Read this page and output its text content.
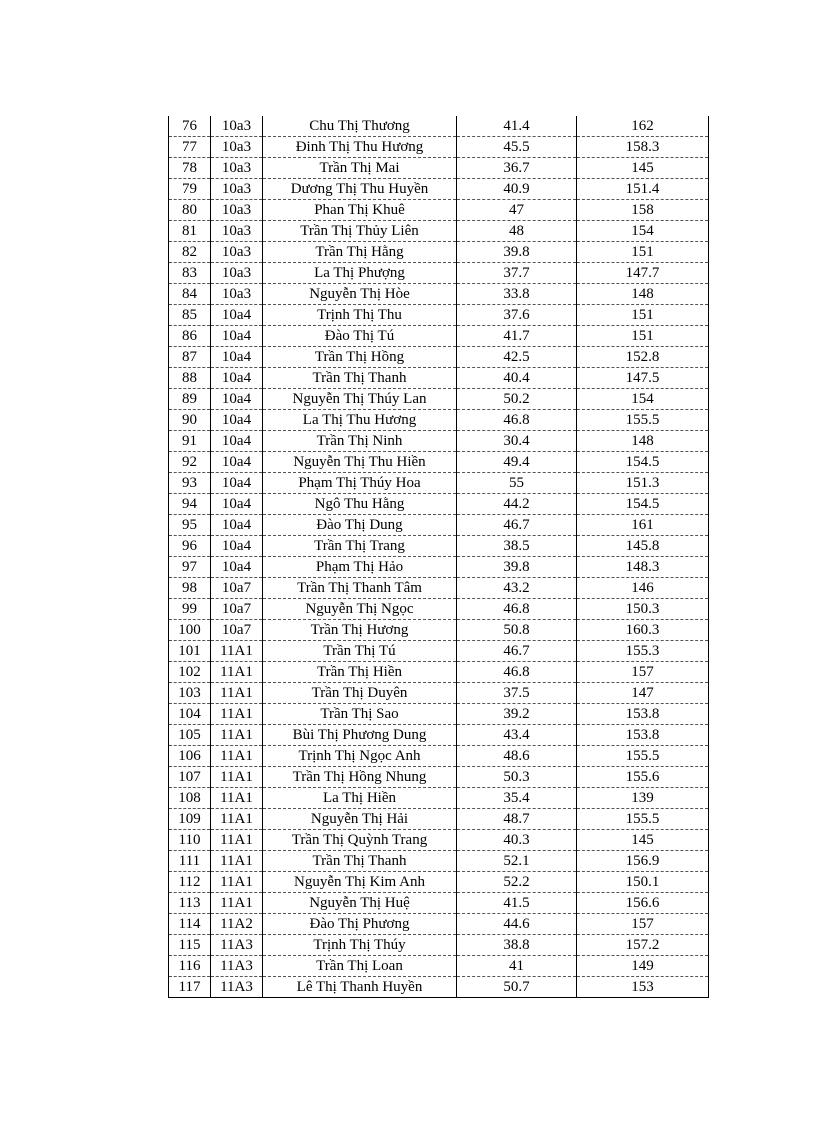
76	10a3	Chu Thị Thương	41.4	162
77	10a3	Đinh Thị Thu Hương	45.5	158.3
78	10a3	Trần Thị Mai	36.7	145
79	10a3	Dương Thị Thu Huyền	40.9	151.4
80	10a3	Phan Thị Khuê	47	158
81	10a3	Trần Thị Thủy Liên	48	154
82	10a3	Trần Thị Hằng	39.8	151
83	10a3	La Thị Phượng	37.7	147.7
84	10a3	Nguyễn Thị Hòe	33.8	148
85	10a4	Trịnh Thị Thu	37.6	151
86	10a4	Đào Thị Tú	41.7	151
87	10a4	Trần Thị Hồng	42.5	152.8
88	10a4	Trần Thị Thanh	40.4	147.5
89	10a4	Nguyễn Thị Thúy Lan	50.2	154
90	10a4	La Thị Thu Hương	46.8	155.5
91	10a4	Trần Thị Ninh	30.4	148
92	10a4	Nguyễn Thị Thu Hiền	49.4	154.5
93	10a4	Phạm Thị Thúy Hoa	55	151.3
94	10a4	Ngô Thu Hằng	44.2	154.5
95	10a4	Đào Thị Dung	46.7	161
96	10a4	Trần Thị Trang	38.5	145.8
97	10a4	Phạm Thị Hảo	39.8	148.3
98	10a7	Trần Thị Thanh Tâm	43.2	146
99	10a7	Nguyễn Thị Ngọc	46.8	150.3
100	10a7	Trần Thị Hương	50.8	160.3
101	11A1	Trần Thị Tú	46.7	155.3
102	11A1	Trần Thị Hiền	46.8	157
103	11A1	Trần Thị Duyên	37.5	147
104	11A1	Trần Thị Sao	39.2	153.8
105	11A1	Bùi Thị Phương Dung	43.4	153.8
106	11A1	Trịnh Thị Ngọc Anh	48.6	155.5
107	11A1	Trần Thị Hồng Nhung	50.3	155.6
108	11A1	La Thị Hiền	35.4	139
109	11A1	Nguyễn Thị Hải	48.7	155.5
110	11A1	Trần Thị Quỳnh Trang	40.3	145
111	11A1	Trần Thị Thanh	52.1	156.9
112	11A1	Nguyễn Thị Kim Anh	52.2	150.1
113	11A1	Nguyễn Thị Huệ	41.5	156.6
114	11A2	Đào Thị Phương	44.6	157
115	11A3	Trịnh Thị Thúy	38.8	157.2
116	11A3	Trần Thị Loan	41	149
117	11A3	Lê Thị Thanh Huyền	50.7	153
